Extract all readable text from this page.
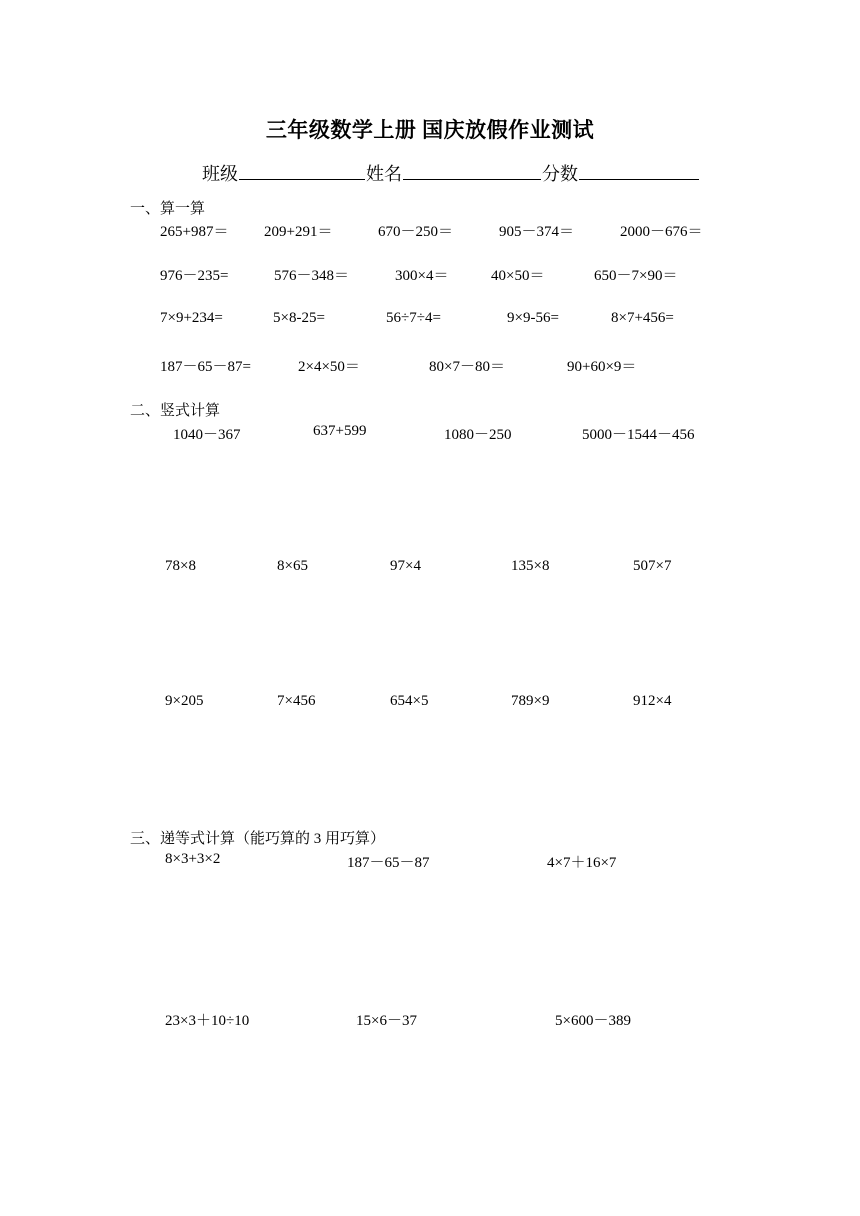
三年级数学上册 国庆放假作业测试
班级	姓名	分数
一、算一算
265+987＝ 209+291＝	670－250＝	905－374＝	2000－676＝
976－235=	576－348＝	300×4＝	40×50＝	650－7×90＝
7×9+234=	5×8-25=	56÷7÷4=	9×9-56=	8×7+456=
187－65－87=	2×4×50＝	80×7－80＝	90+60×9＝
二、竖式计算
1040－367	637+599	1080－250	5000－1544－456
78×8	8×65	97×4	135×8	507×7
9×205	7×456	654×5	789×9	912×4
三、递等式计算（能巧算的 3 用巧算）
8×3+3×2	187－65－87	4×7＋16×7
23×3＋10÷10	15×6－37	5×600－389
